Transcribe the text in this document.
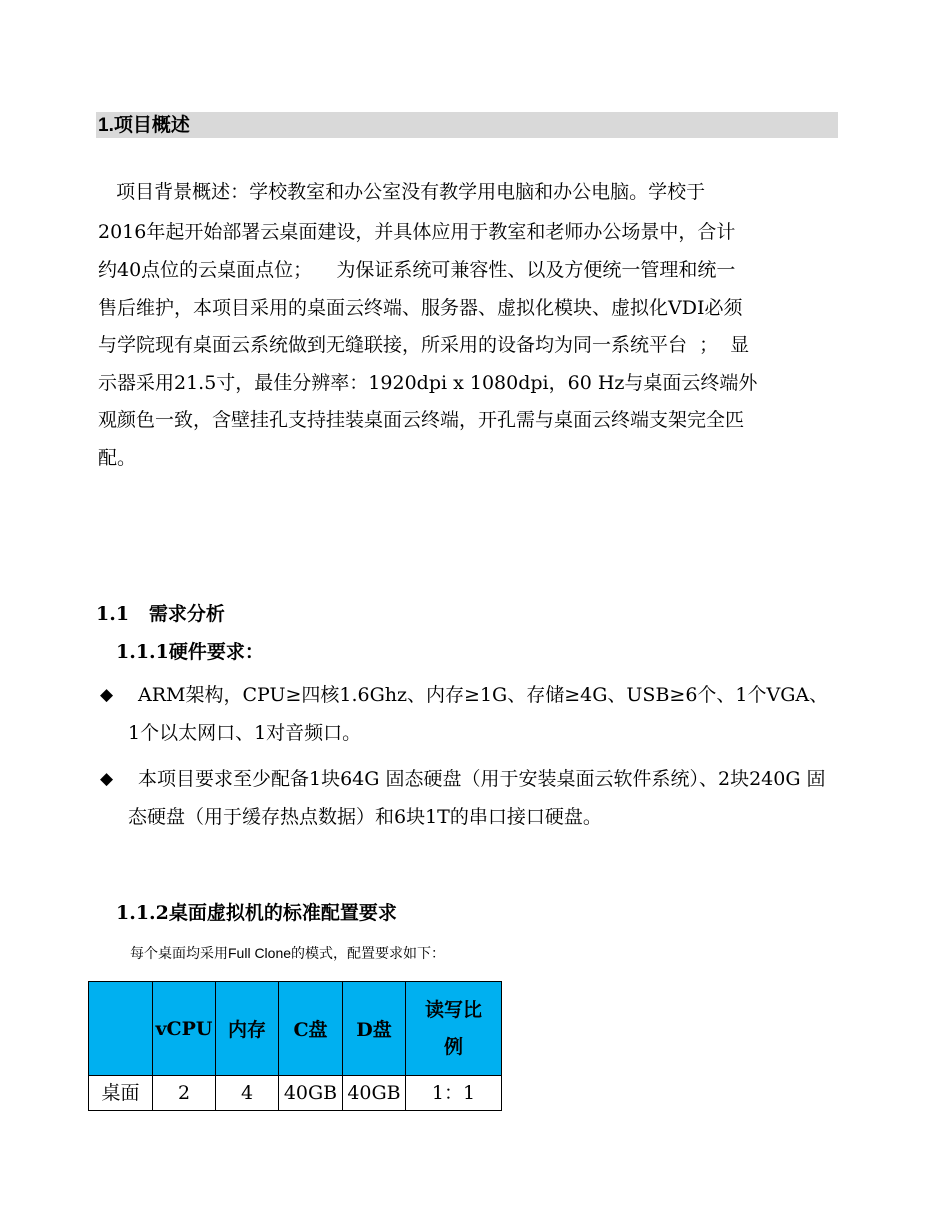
1.项目概述

项目背景概述：学校教室和办公室没有教学用电脑和办公电脑。学校于

2016年起开始部署云桌面建设，并具体应用于教室和老师办公场景中，合计

约40点位的云桌面点位；    为保证系统可兼容性、以及方便统一管理和统一

售后维护，本项目采用的桌面云终端、服务器、虚拟化模块、虚拟化VDI必须

与学院现有桌面云系统做到无缝联接，所采用的设备均为同一系统平台  ；  显

示器采用21.5寸，最佳分辨率：1920dpi x 1080dpi，60 Hz与桌面云终端外

观颜色一致，含壁挂孔支持挂装桌面云终端，开孔需与桌面云终端支架完全匹

配。

1.1   需求分析
1.1.1硬件要求：
◆	ARM架构，CPU≥四核1.6Ghz、内存≥1G、存储≥4G、USB≥6个、1个VGA、1个以太网口、1对音频口。
◆	本项目要求至少配备1块64G 固态硬盘（用于安装桌面云软件系统）、2块240G 固态硬盘（用于缓存热点数据）和6块1T的串口接口硬盘。
1.1.2桌面虚拟机的标准配置要求

每个桌面均采用Full Clone的模式，配置要求如下：

	vCPU	内存	C盘	D盘	读写比例
桌面	2	4	40GB	40GB	1：1
